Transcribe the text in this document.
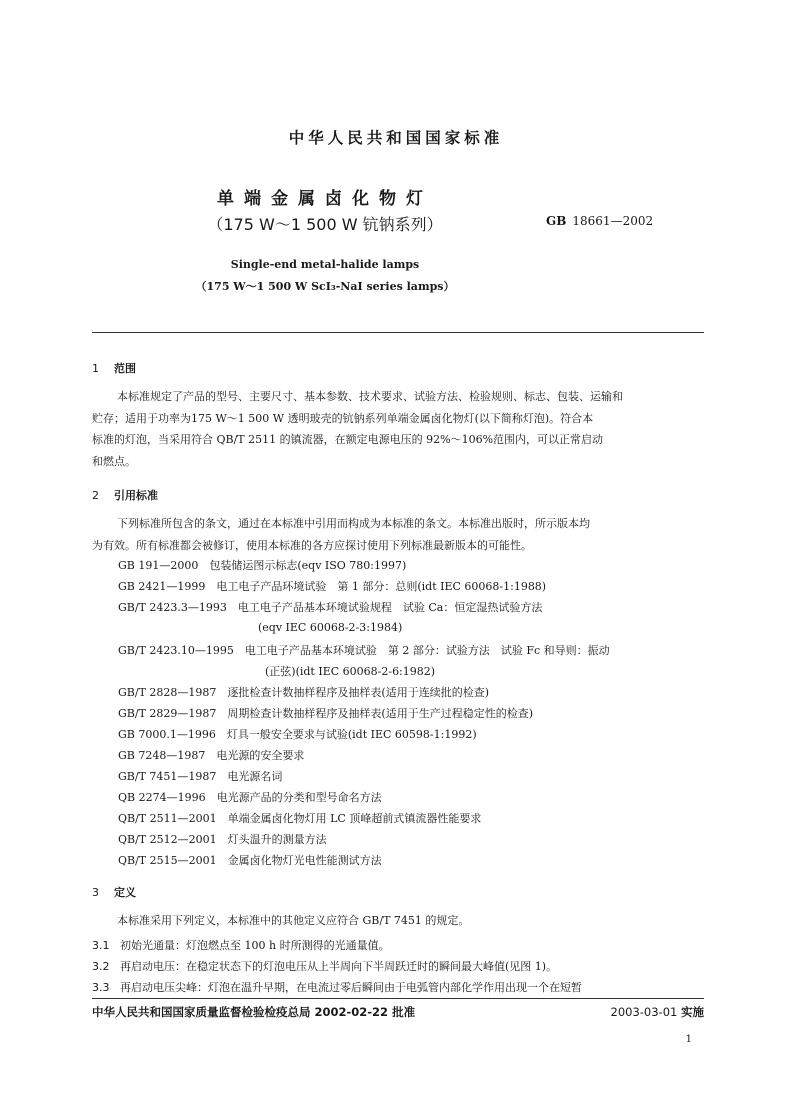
中华人民共和国国家标准
单端金属卤化物灯
（175 W～1 500 W 钪钠系列）	GB 18661—2002
Single-end metal-halide lamps
（175 W～1 500 W ScI₃-NaI series lamps）
1 范围
本标准规定了产品的型号、主要尺寸、基本参数、技术要求、试验方法、检验规则、标志、包装、运输和
贮存；适用于功率为175 W～1 500 W 透明玻壳的钪钠系列单端金属卤化物灯(以下简称灯泡)。符合本
标准的灯泡，当采用符合 QB/T 2511 的镇流器，在额定电源电压的 92%～106%范围内，可以正常启动
和燃点。
2 引用标准
下列标准所包含的条文，通过在本标准中引用而构成为本标准的条文。本标准出版时，所示版本均
为有效。所有标准都会被修订，使用本标准的各方应探讨使用下列标准最新版本的可能性。
GB 191—2000　包装储运图示标志(eqv ISO 780:1997)
GB 2421—1999　电工电子产品环境试验　第 1 部分：总则(idt IEC 60068-1:1988)
GB/T 2423.3—1993　电工电子产品基本环境试验规程　试验 Ca：恒定湿热试验方法
(eqv IEC 60068-2-3:1984)
GB/T 2423.10—1995　电工电子产品基本环境试验　第 2 部分：试验方法　试验 Fc 和导则：振动
(正弦)(idt IEC 60068-2-6:1982)
GB/T 2828—1987　逐批检查计数抽样程序及抽样表(适用于连续批的检查)
GB/T 2829—1987　周期检查计数抽样程序及抽样表(适用于生产过程稳定性的检查)
GB 7000.1—1996　灯具一般安全要求与试验(idt IEC 60598-1:1992)
GB 7248—1987　电光源的安全要求
GB/T 7451—1987　电光源名词
QB 2274—1996　电光源产品的分类和型号命名方法
QB/T 2511—2001　单端金属卤化物灯用 LC 顶峰超前式镇流器性能要求
QB/T 2512—2001　灯头温升的测量方法
QB/T 2515—2001　金属卤化物灯光电性能测试方法
3 定义
本标准采用下列定义，本标准中的其他定义应符合 GB/T 7451 的规定。
3.1 初始光通量：灯泡燃点至 100 h 时所测得的光通量值。
3.2 再启动电压：在稳定状态下的灯泡电压从上半周向下半周跃迁时的瞬间最大峰值(见图 1)。
3.3 再启动电压尖峰：灯泡在温升早期，在电流过零后瞬间由于电弧管内部化学作用出现一个在短暂
中华人民共和国国家质量监督检验检疫总局 2002-02-22 批准	2003-03-01 实施
1
